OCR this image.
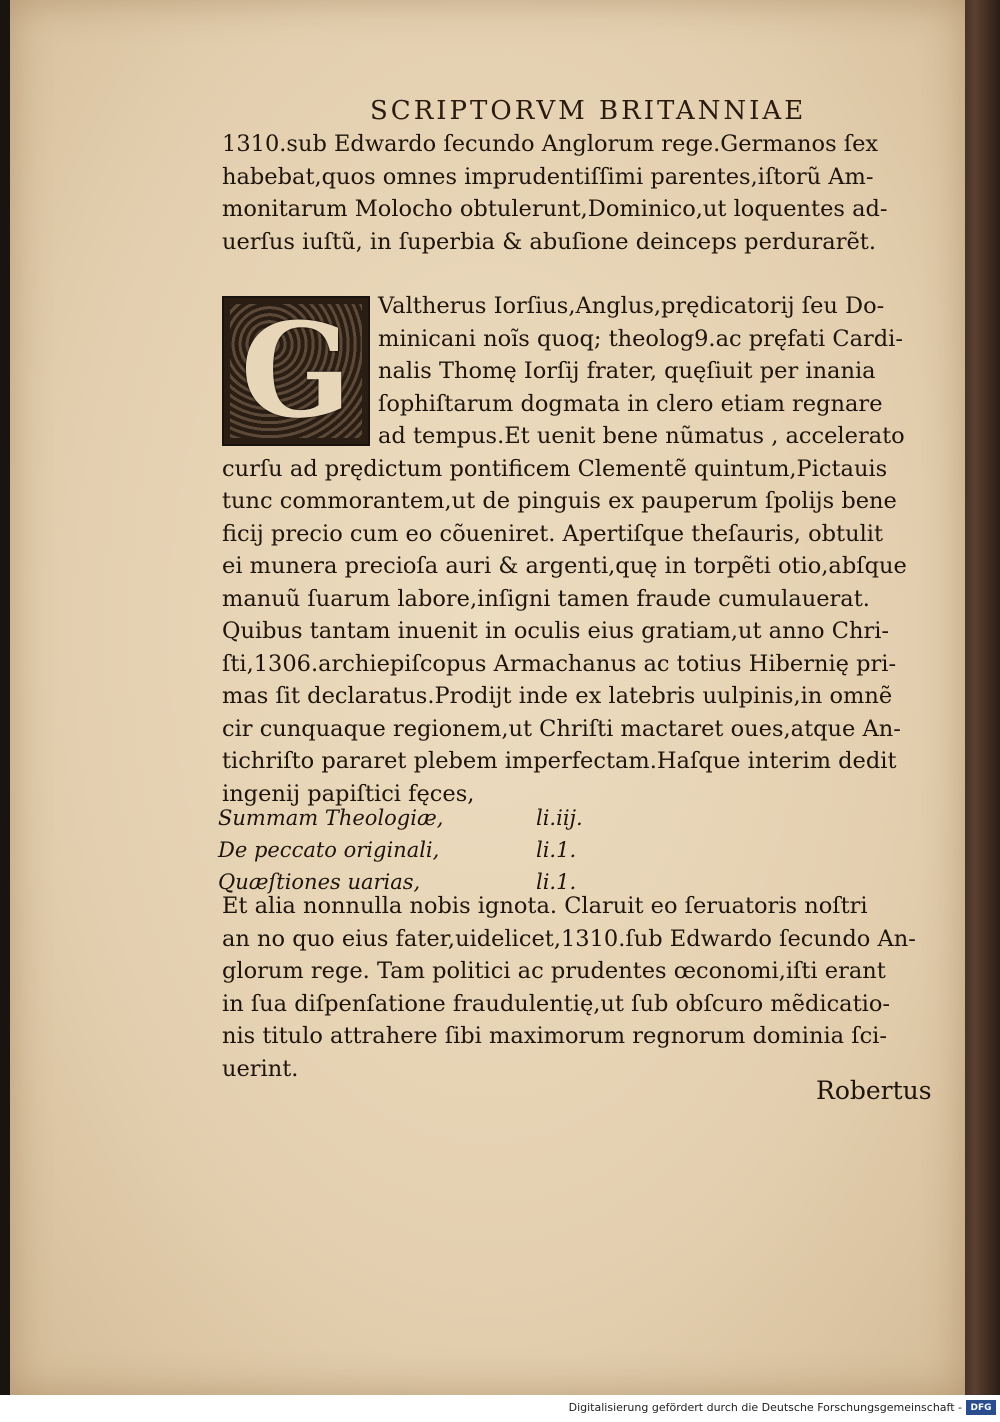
SCRIPTORVM BRITANNIAE
1310.sub Edwardo ſecundo Anglorum rege.Germanos ſex
habebat,quos omnes imprudentiſſimi parentes,iſtorũ Am-
monitarum Molocho obtulerunt,Dominico,ut loquentes ad-
uerſus iuſtũ, in ſuperbia & abuſione deinceps perdurarẽt.
G	Valtherus Iorſius,Anglus,prędicatorij ſeu Do-
minicani noĩs quoq; theolog9.ac pręfati Cardi-
nalis Thomę Iorſij frater, quęſiuit per inania
ſophiſtarum dogmata in clero etiam regnare
ad tempus.Et uenit bene nũmatus , accelerato
curſu ad prędictum pontificem Clementẽ quintum,Pictauis
tunc commorantem,ut de pinguis ex pauperum ſpolijs bene
ficij precio cum eo cõueniret. Apertiſque theſauris, obtulit
ei munera precioſa auri & argenti,quę in torpẽti otio,abſque
manuũ ſuarum labore,inſigni tamen fraude cumulauerat.
Quibus tantam inuenit in oculis eius gratiam,ut anno Chri-
ſti,1306.archiepiſcopus Armachanus ac totius Hibernię pri-
mas ſit declaratus.Prodijt inde ex latebris uulpinis,in omnẽ
cir cunquaque regionem,ut Chriſti mactaret oues,atque An-
tichriſto pararet plebem imperfectam.Haſque interim dedit
ingenij papiſtici fęces,
Summam Theologiæ,	li.iij.
De peccato originali,	li.1.
Quæſtiones uarias,	li.1.
Et alia nonnulla nobis ignota. Claruit eo ſeruatoris noſtri
an no quo eius fater,uidelicet,1310.ſub Edwardo ſecundo An-
glorum rege. Tam politici ac prudentes œconomi,iſti erant
in ſua diſpenſatione fraudulentię,ut ſub obſcuro mẽdicatio-
nis titulo attrahere ſibi maximorum regnorum dominia ſci-
uerint.
Robertus
Digitalisierung gefördert durch die Deutsche Forschungsgemeinschaft - DFG
